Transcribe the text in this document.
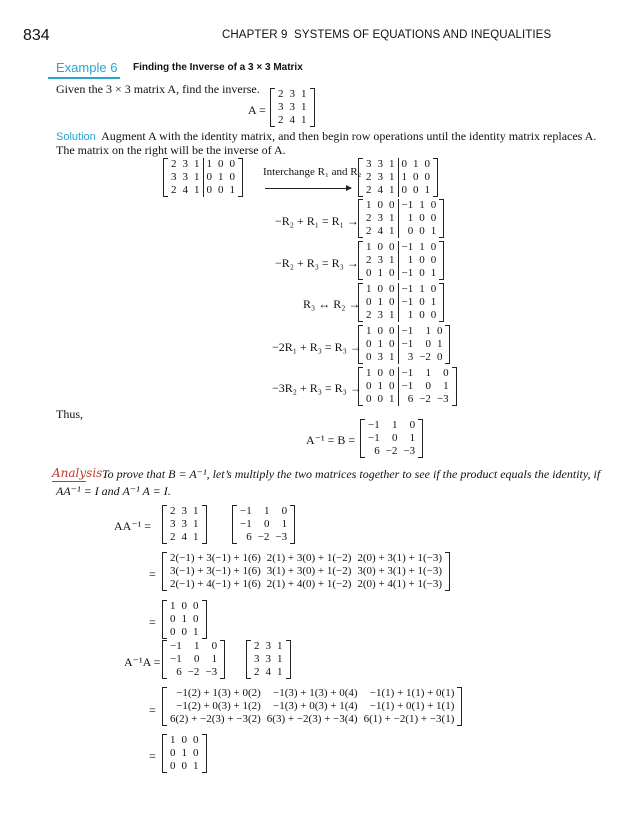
834	CHAPTER 9 SYSTEMS OF EQUATIONS AND INEQUALITIES
Example 6 Finding the Inverse of a 3 × 3 Matrix
Given the 3 × 3 matrix A, find the inverse.
A =
2	3	1
3	3	1
2	4	1
Solution Augment A with the identity matrix, and then begin row operations until the identity matrix replaces A.
The matrix on the right will be the inverse of A.
2	3	1	1	0	0
3	3	1	0	1	0
2	4	1	0	0	1
Interchange R₁ and R₂
3	3	1	0	1	0
2	3	1	1	0	0
2	4	1	0	0	1
−R₂ + R₁ = R₁ →
1	0	0	−1	1	0
2	3	1	1	0	0
2	4	1	0	0	1
−R₂ + R₃ = R₃ →
1	0	0	−1	1	0
2	3	1	1	0	0
0	1	0	−1	0	1
R₃ ↔ R₂ →
1	0	0	−1	1	0
0	1	0	−1	0	1
2	3	1	1	0	0
−2R₁ + R₃ = R₃ →
1	0	0	−1	1	0
0	1	0	−1	0	1
0	3	1	3	−2	0
−3R₂ + R₃ = R₃ →
1	0	0	−1	1	0
0	1	0	−1	0	1
0	0	1	6	−2	−3
Thus,
A⁻¹ = B =
−1	1	0
−1	0	1
6	−2	−3
Analysis To prove that B = A⁻¹, let’s multiply the two matrices together to see if the product equals the identity, if
AA⁻¹ = I and A⁻¹ A = I.
AA⁻¹ =
2	3	1
3	3	1
2	4	1
−1	1	0
−1	0	1
6	−2	−3
=
2(−1) + 3(−1) + 1(6)	2(1) + 3(0) + 1(−2)	2(0) + 3(1) + 1(−3)
3(−1) + 3(−1) + 1(6)	3(1) + 3(0) + 1(−2)	3(0) + 3(1) + 1(−3)
2(−1) + 4(−1) + 1(6)	2(1) + 4(0) + 1(−2)	2(0) + 4(1) + 1(−3)
=
1	0	0
0	1	0
0	0	1
A⁻¹A =
−1	1	0
−1	0	1
6	−2	−3
2	3	1
3	3	1
2	4	1
=
−1(2) + 1(3) + 0(2)	−1(3) + 1(3) + 0(4)	−1(1) + 1(1) + 0(1)
−1(2) + 0(3) + 1(2)	−1(3) + 0(3) + 1(4)	−1(1) + 0(1) + 1(1)
6(2) + −2(3) + −3(2)	6(3) + −2(3) + −3(4)	6(1) + −2(1) + −3(1)
=
1	0	0
0	1	0
0	0	1
